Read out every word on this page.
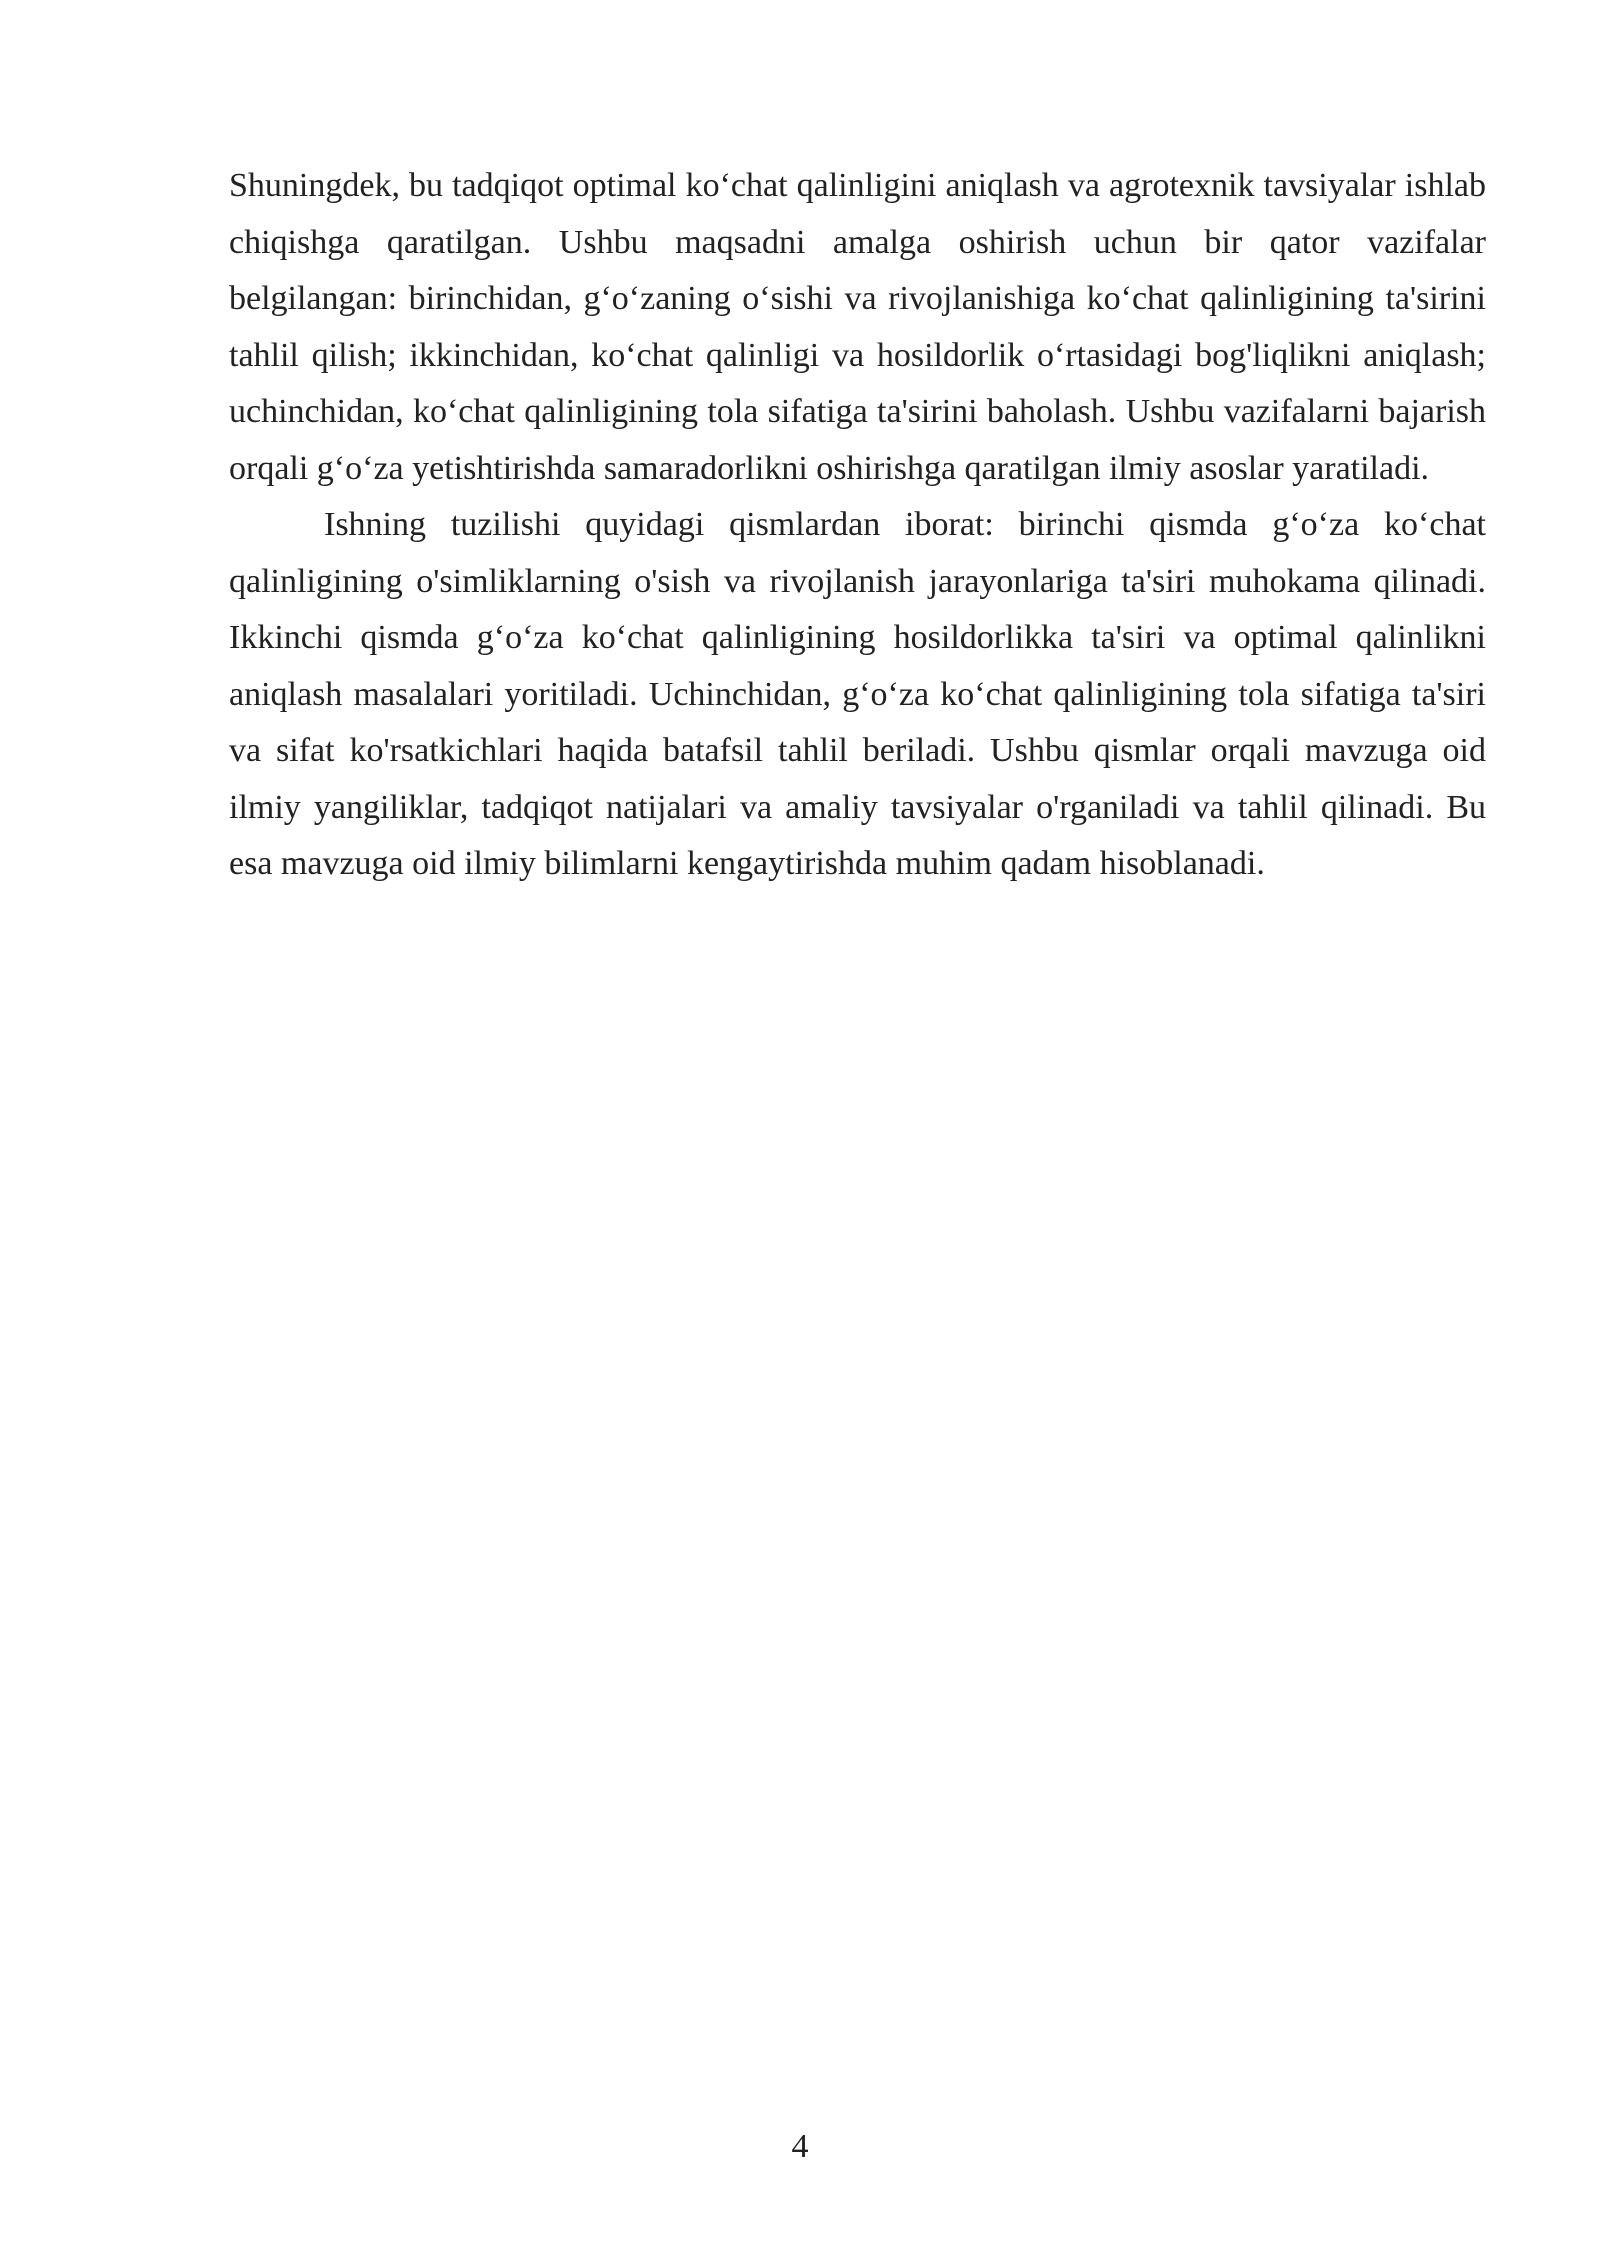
Shuningdek, bu tadqiqot optimal ko‘chat qalinligini aniqlash va agrotexnik tavsiyalar ishlab chiqishga qaratilgan. Ushbu maqsadni amalga oshirish uchun bir qator vazifalar belgilangan: birinchidan, g‘o‘zaning o‘sishi va rivojlanishiga ko‘chat qalinligining ta'sirini tahlil qilish; ikkinchidan, ko‘chat qalinligi va hosildorlik o‘rtasidagi bog'liqlikni aniqlash; uchinchidan, ko‘chat qalinligining tola sifatiga ta'sirini baholash. Ushbu vazifalarni bajarish orqali g‘o‘za yetishtirishda samaradorlikni oshirishga qaratilgan ilmiy asoslar yaratiladi.

Ishning tuzilishi quyidagi qismlardan iborat: birinchi qismda g‘o‘za ko‘chat qalinligining o'simliklarning o'sish va rivojlanish jarayonlariga ta'siri muhokama qilinadi. Ikkinchi qismda g‘o‘za ko‘chat qalinligining hosildorlikka ta'siri va optimal qalinlikni aniqlash masalalari yoritiladi. Uchinchidan, g‘o‘za ko‘chat qalinligining tola sifatiga ta'siri va sifat ko'rsatkichlari haqida batafsil tahlil beriladi. Ushbu qismlar orqali mavzuga oid ilmiy yangiliklar, tadqiqot natijalari va amaliy tavsiyalar o'rganiladi va tahlil qilinadi. Bu esa mavzuga oid ilmiy bilimlarni kengaytirishda muhim qadam hisoblanadi.

4
